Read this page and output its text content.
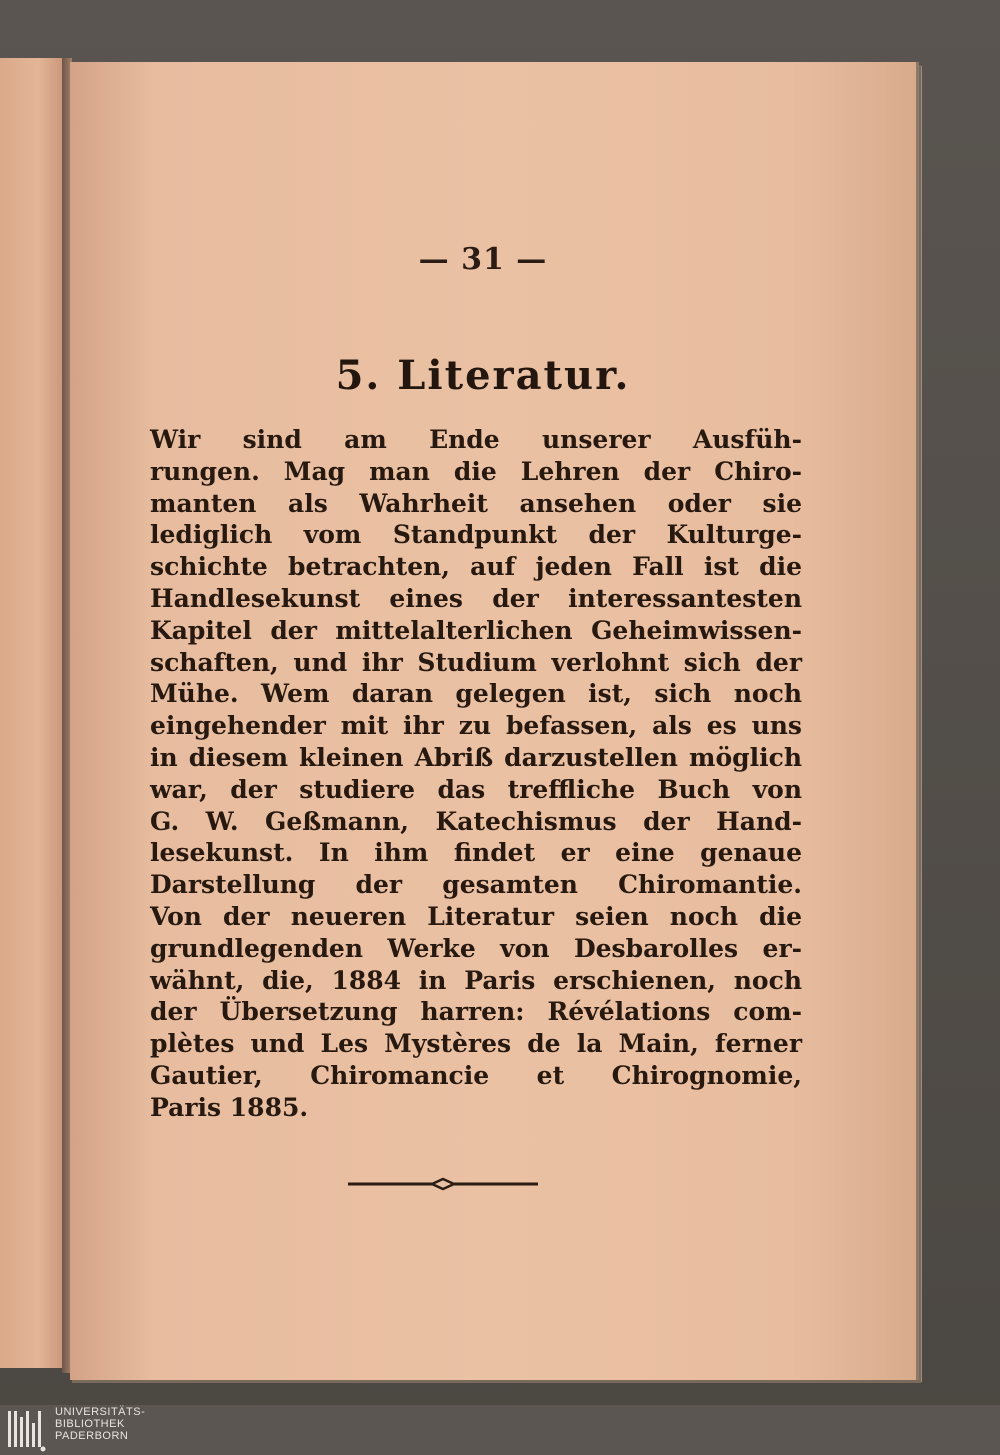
— 31 —
5. Literatur.
Wir sind am Ende unserer Ausfüh-
rungen. Mag man die Lehren der Chiro-
manten als Wahrheit ansehen oder sie
lediglich vom Standpunkt der Kulturge-
schichte betrachten, auf jeden Fall ist die
Handlesekunst eines der interessantesten
Kapitel der mittelalterlichen Geheimwissen-
schaften, und ihr Studium verlohnt sich der
Mühe. Wem daran gelegen ist, sich noch
eingehender mit ihr zu befassen, als es uns
in diesem kleinen Abriß darzustellen möglich
war, der studiere das treffliche Buch von
G. W. Geßmann, Katechismus der Hand-
lesekunst. In ihm findet er eine genaue
Darstellung der gesamten Chiromantie.
Von der neueren Literatur seien noch die
grundlegenden Werke von Desbarolles er-
wähnt, die, 1884 in Paris erschienen, noch
der Übersetzung harren: Révélations com-
plètes und Les Mystères de la Main, ferner
Gautier, Chiromancie et Chirognomie,
Paris 1885.
UNIVERSITÄTS-
BIBLIOTHEK
PADERBORN
